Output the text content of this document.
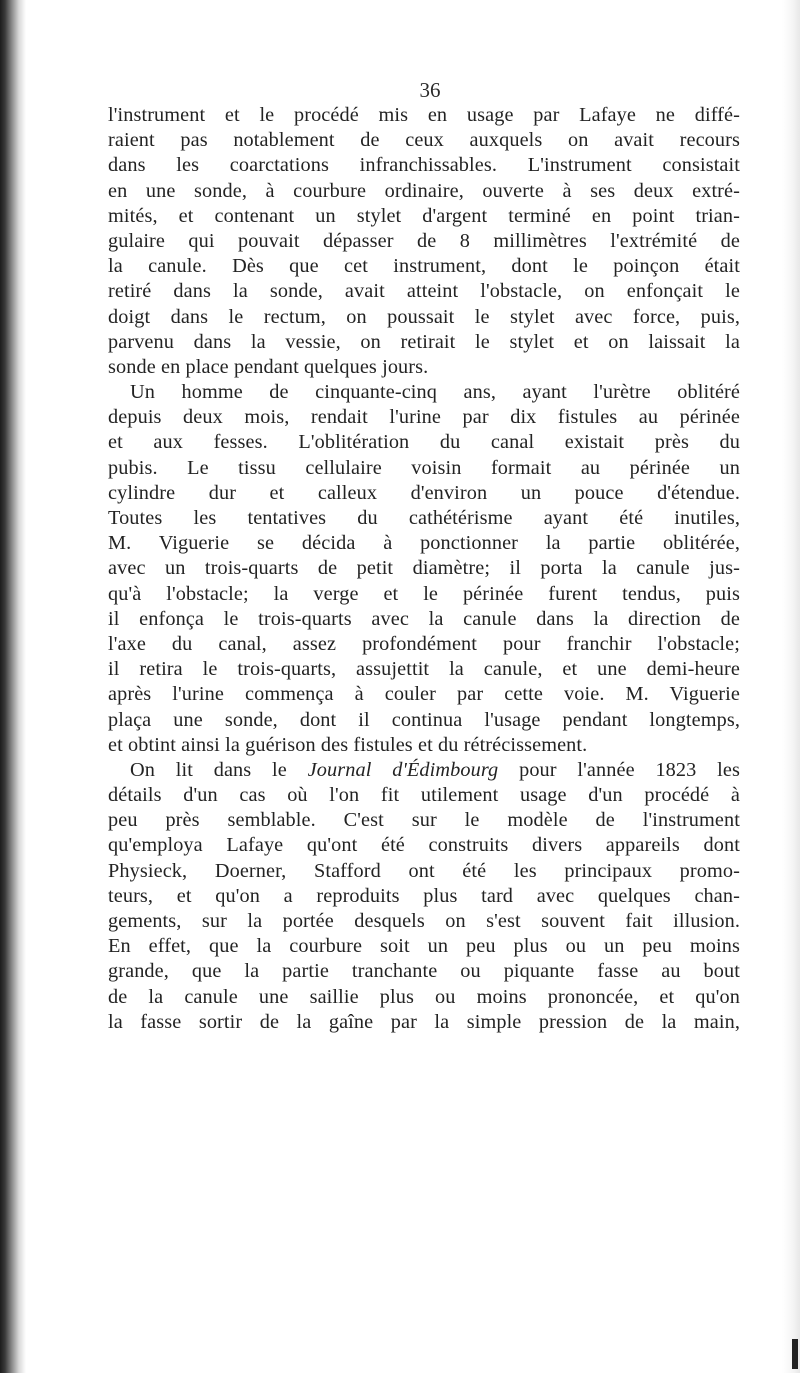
36
l'instrument et le procédé mis en usage par Lafaye ne diffé-
raient pas notablement de ceux auxquels on avait recours
dans les coarctations infranchissables. L'instrument consistait
en une sonde, à courbure ordinaire, ouverte à ses deux extré-
mités, et contenant un stylet d'argent terminé en point trian-
gulaire qui pouvait dépasser de 8 millimètres l'extrémité de
la canule. Dès que cet instrument, dont le poinçon était
retiré dans la sonde, avait atteint l'obstacle, on enfonçait le
doigt dans le rectum, on poussait le stylet avec force, puis,
parvenu dans la vessie, on retirait le stylet et on laissait la
sonde en place pendant quelques jours.
Un homme de cinquante-cinq ans, ayant l'urètre oblitéré
depuis deux mois, rendait l'urine par dix fistules au périnée
et aux fesses. L'oblitération du canal existait près du
pubis. Le tissu cellulaire voisin formait au périnée un
cylindre dur et calleux d'environ un pouce d'étendue.
Toutes les tentatives du cathétérisme ayant été inutiles,
M. Viguerie se décida à ponctionner la partie oblitérée,
avec un trois-quarts de petit diamètre; il porta la canule jus-
qu'à l'obstacle; la verge et le périnée furent tendus, puis
il enfonça le trois-quarts avec la canule dans la direction de
l'axe du canal, assez profondément pour franchir l'obstacle;
il retira le trois-quarts, assujettit la canule, et une demi-heure
après l'urine commença à couler par cette voie. M. Viguerie
plaça une sonde, dont il continua l'usage pendant longtemps,
et obtint ainsi la guérison des fistules et du rétrécissement.
On lit dans le Journal d'Édimbourg pour l'année 1823 les
détails d'un cas où l'on fit utilement usage d'un procédé à
peu près semblable. C'est sur le modèle de l'instrument
qu'employa Lafaye qu'ont été construits divers appareils dont
Physieck, Doerner, Stafford ont été les principaux promo-
teurs, et qu'on a reproduits plus tard avec quelques chan-
gements, sur la portée desquels on s'est souvent fait illusion.
En effet, que la courbure soit un peu plus ou un peu moins
grande, que la partie tranchante ou piquante fasse au bout
de la canule une saillie plus ou moins prononcée, et qu'on
la fasse sortir de la gaîne par la simple pression de la main,
